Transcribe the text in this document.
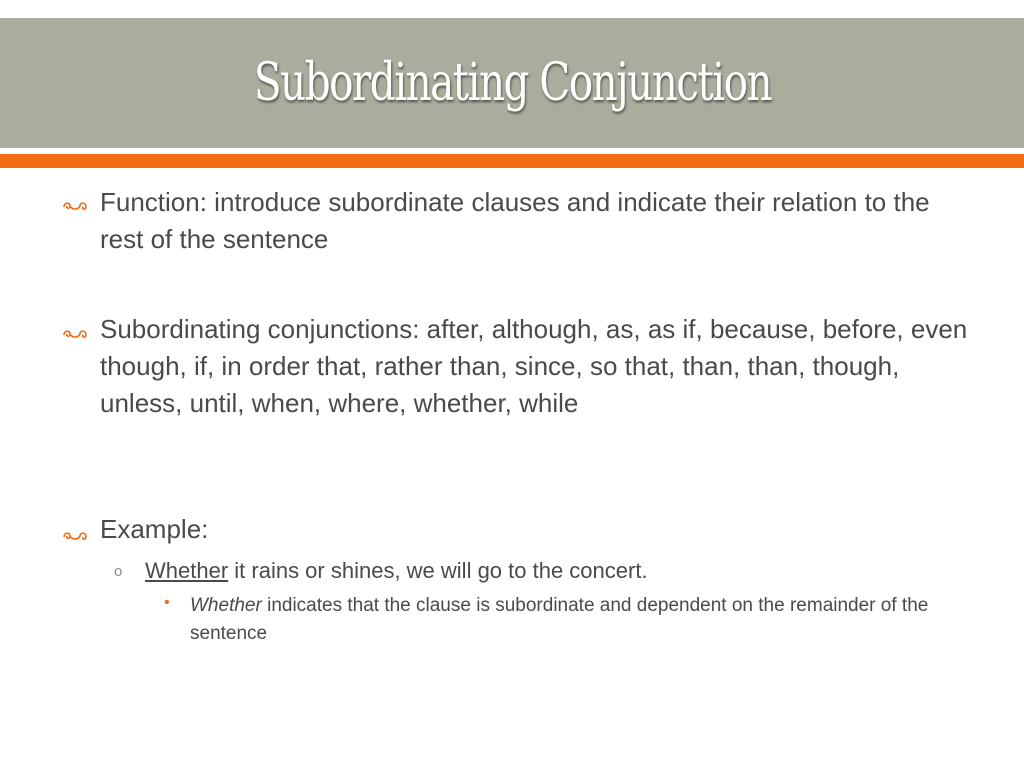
Subordinating Conjunction
Function: introduce subordinate clauses and indicate their relation to the rest of the sentence
Subordinating conjunctions: after, although, as, as if, because, before, even though, if, in order that, rather than, since, so that, than, than, though, unless, until, when, where, whether, while
Example:
o Whether it rains or shines, we will go to the concert.
• Whether indicates that the clause is subordinate and dependent on the remainder of the sentence
